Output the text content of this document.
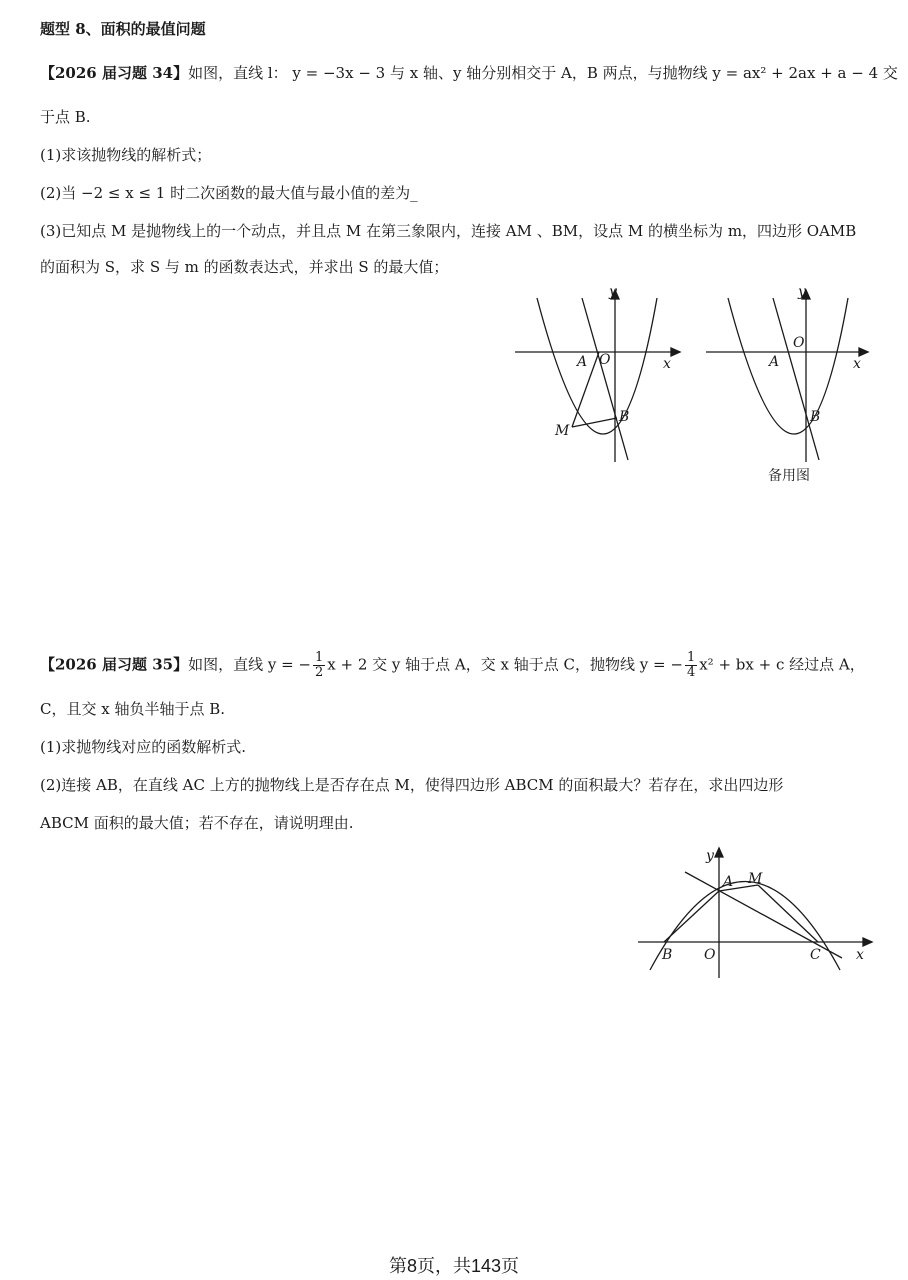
题型 8、面积的最值问题
【2026 届习题 34】如图，直线 l： y = −3x − 3 与 x 轴、y 轴分别相交于 A，B 两点，与抛物线 y = ax² + 2ax + a − 4 交
于点 B.
(1)求该抛物线的解析式；
(2)当 −2 ≤ x ≤ 1 时二次函数的最大值与最小值的差为_
(3)已知点 M 是抛物线上的一个动点，并且点 M 在第三象限内，连接 AM 、BM，设点 M 的横坐标为 m，四边形 OAMB
的面积为 S，求 S 与 m 的函数表达式，并求出 S 的最大值；
y
x
A O
B
M
y
x
A
O
B
备用图
【2026 届习题 35】如图，直线 y = − $\frac{1}{2}$ x + 2 交 y 轴于点 A，交 x 轴于点 C，抛物线 y = − $\frac{1}{4} x^2$ + bx + c 经过点 A，
C，且交 x 轴负半轴于点 B.
(1)求抛物线对应的函数解析式.
(2)连接 AB，在直线 AC 上方的抛物线上是否存在点 M，使得四边形 ABCM 的面积最大？若存在，求出四边形
ABCM 面积的最大值；若不存在，请说明理由.
y
x
A M
B O	C
第8页，共143页
